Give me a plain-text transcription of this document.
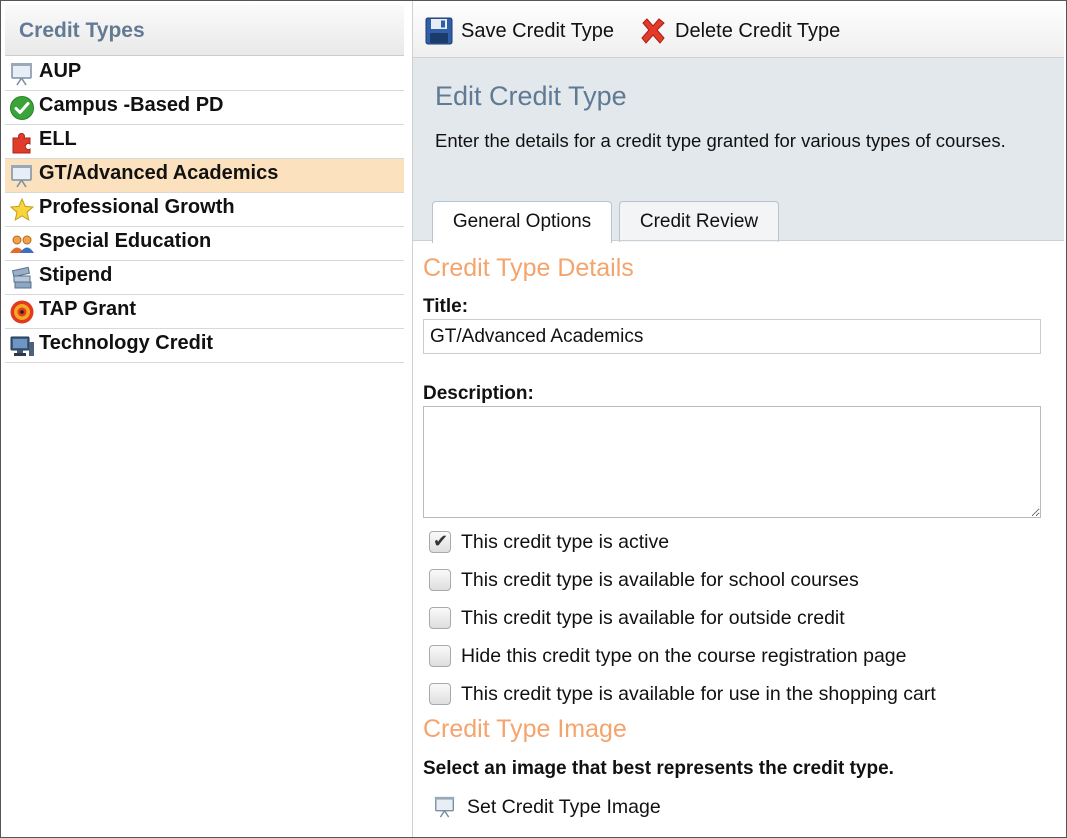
Credit Types
AUP
Campus -Based PD
ELL
GT/Advanced Academics
Professional Growth
Special Education
Stipend
TAP Grant
Technology Credit
Save Credit Type	Delete Credit Type
Edit Credit Type
Enter the details for a credit type granted for various types of courses.
General Options	Credit Review
Credit Type Details
Title:
GT/Advanced Academics
Description:
✔
This credit type is active
This credit type is available for school courses
This credit type is available for outside credit
Hide this credit type on the course registration page
This credit type is available for use in the shopping cart
Credit Type Image
Select an image that best represents the credit type.
Set Credit Type Image
